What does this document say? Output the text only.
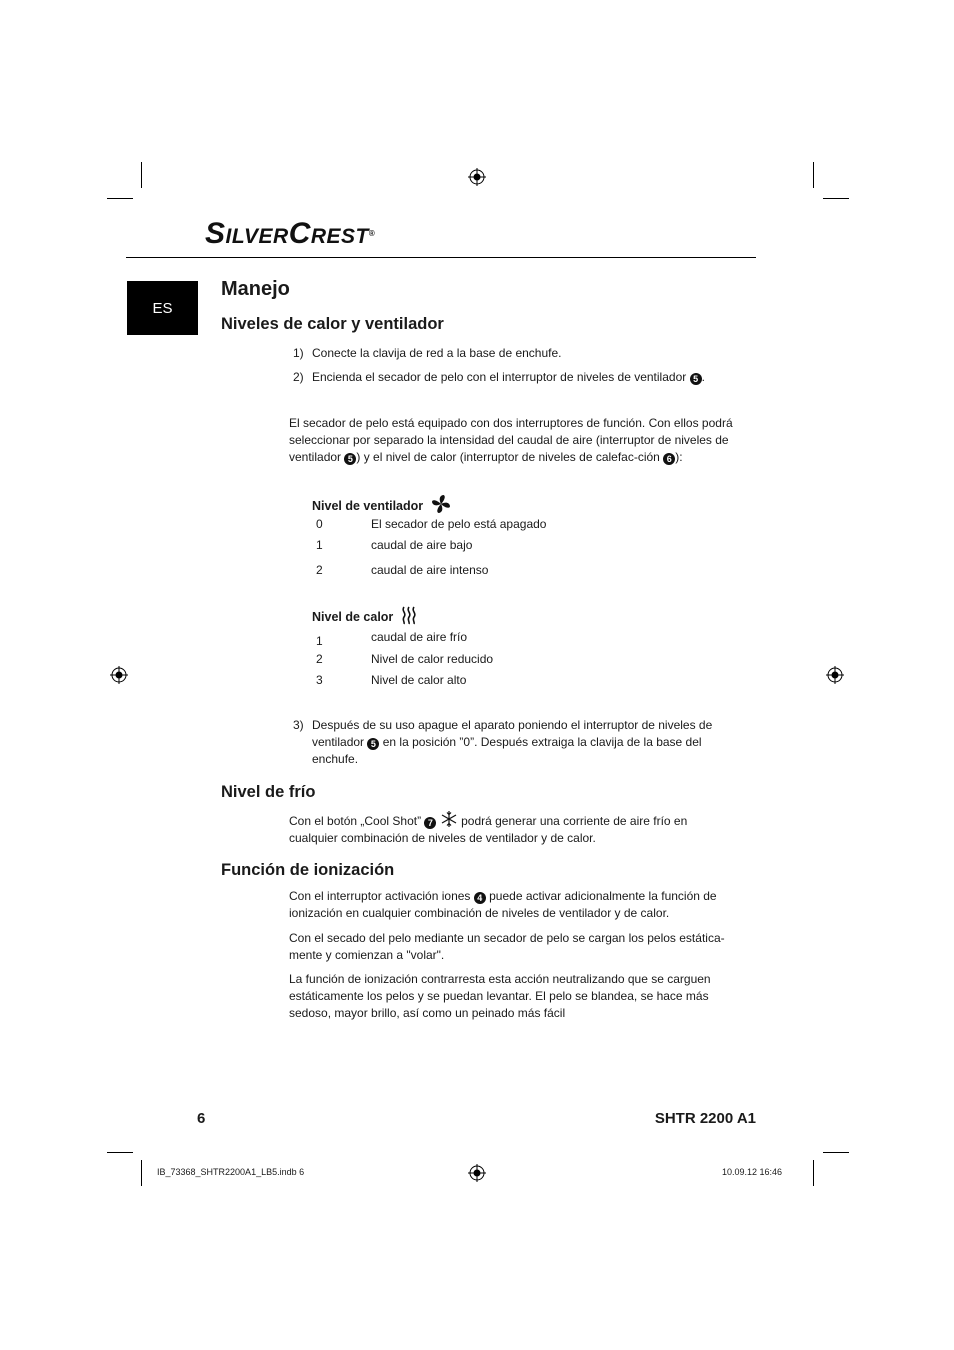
SILVERCREST®
ES
Manejo
Niveles de calor y ventilador
1) Conecte la clavija de red a la base de enchufe.
2) Encienda el secador de pelo con el interruptor de niveles de ventilador 5 .
El secador de pelo está equipado con dos interruptores de función. Con ellos podrá seleccionar por separado la intensidad del caudal de aire (interruptor de niveles de ventilador 5 ) y el nivel de calor (interruptor de niveles de calefac-ción 6 ):
Nivel de ventilador
0	El secador de pelo está apagado
1	caudal de aire bajo
2	caudal de aire intenso
Nivel de calor
1	caudal de aire frío
2	Nivel de calor reducido
3	Nivel de calor alto
3) Después de su uso apague el aparato poniendo el interruptor de niveles de ventilador 5 en la posición ”0”. Después extraiga la clavija de la base del enchufe.
Nivel de frío
Con el botón „Cool Shot” 7 podrá generar una corriente de aire frío en cualquier combinación de niveles de ventilador y de calor.
Función de ionización
Con el interruptor activación iones 4 puede activar adicionalmente la función de ionización en cualquier combinación de niveles de ventilador y de calor.
Con el secado del pelo mediante un secador de pelo se cargan los pelos estática-mente y comienzan a "volar".
La función de ionización contrarresta esta acción neutralizando que se carguen estáticamente los pelos y se puedan levantar. El pelo se blandea, se hace más sedoso, mayor brillo, así como un peinado más fácil
6	SHTR 2200 A1
IB_73368_SHTR2200A1_LB5.indb 6	10.09.12 16:46
